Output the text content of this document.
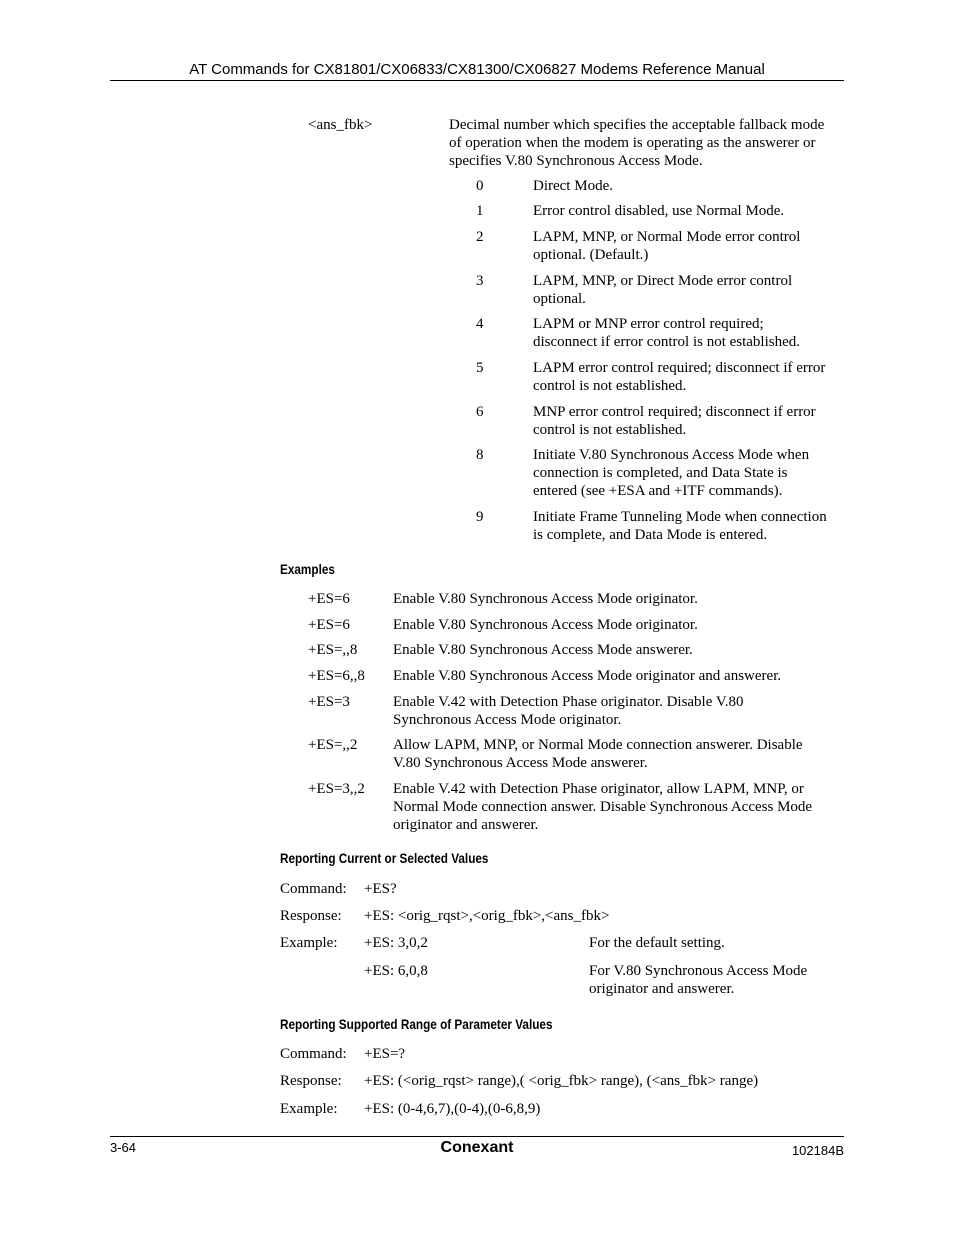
AT Commands for CX81801/CX06833/CX81300/CX06827 Modems Reference Manual
<ans_fbk>	Decimal number which specifies the acceptable fallback mode
of operation when the modem is operating as the answerer or
specifies V.80 Synchronous Access Mode.
0	Direct Mode.
1	Error control disabled, use Normal Mode.
2	LAPM, MNP, or Normal Mode error control
optional. (Default.)
3	LAPM, MNP, or Direct Mode error control
optional.
4	LAPM or MNP error control required;
disconnect if error control is not established.
5	LAPM error control required; disconnect if error
control is not established.
6	MNP error control required; disconnect if error
control is not established.
8	Initiate V.80 Synchronous Access Mode when
connection is completed, and Data State is
entered (see +ESA and +ITF commands).
9	Initiate Frame Tunneling Mode when connection
is complete, and Data Mode is entered.
Examples
+ES=6	Enable V.80 Synchronous Access Mode originator.
+ES=6	Enable V.80 Synchronous Access Mode originator.
+ES=,,8 Enable V.80 Synchronous Access Mode answerer.
+ES=6,,8 Enable V.80 Synchronous Access Mode originator and answerer.
+ES=3	Enable V.42 with Detection Phase originator. Disable V.80
Synchronous Access Mode originator.
+ES=,,2 Allow LAPM, MNP, or Normal Mode connection answerer. Disable
V.80 Synchronous Access Mode answerer.
+ES=3,,2 Enable V.42 with Detection Phase originator, allow LAPM, MNP, or
Normal Mode connection answer. Disable Synchronous Access Mode
originator and answerer.
Reporting Current or Selected Values
Command: +ES?
Response: +ES: <orig_rqst>,<orig_fbk>,<ans_fbk>
Example: +ES: 3,0,2	For the default setting.
+ES: 6,0,8	For V.80 Synchronous Access Mode
originator and answerer.
Reporting Supported Range of Parameter Values
Command: +ES=?
Response: +ES: (<orig_rqst> range),( <orig_fbk> range), (<ans_fbk> range)
Example: +ES: (0-4,6,7),(0-4),(0-6,8,9)
3-64	Conexant	102184B
